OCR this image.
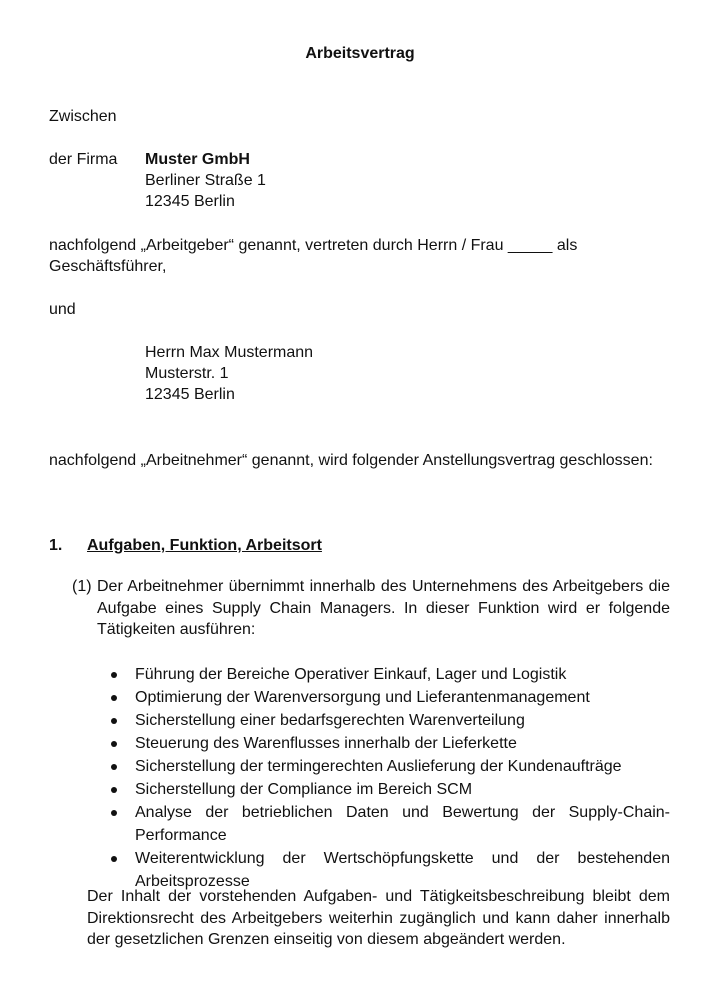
Arbeitsvertrag
Zwischen
der Firma Muster GmbH
Berliner Straße 1
12345 Berlin
nachfolgend „Arbeitgeber“ genannt, vertreten durch Herrn / Frau _____ als
Geschäftsführer,
und
Herrn Max Mustermann
Musterstr. 1
12345 Berlin
nachfolgend „Arbeitnehmer“ genannt, wird folgender Anstellungsvertrag geschlossen:
1. Aufgaben, Funktion, Arbeitsort
(1) Der Arbeitnehmer übernimmt innerhalb des Unternehmens des Arbeitgebers die Aufgabe eines Supply Chain Managers. In dieser Funktion wird er folgende Tätigkeiten ausführen:
Führung der Bereiche Operativer Einkauf, Lager und Logistik
Optimierung der Warenversorgung und Lieferantenmanagement
Sicherstellung einer bedarfsgerechten Warenverteilung
Steuerung des Warenflusses innerhalb der Lieferkette
Sicherstellung der termingerechten Auslieferung der Kundenaufträge
Sicherstellung der Compliance im Bereich SCM
Analyse der betrieblichen Daten und Bewertung der Supply-Chain-Performance
Weiterentwicklung der Wertschöpfungskette und der bestehenden Arbeitsprozesse
Der Inhalt der vorstehenden Aufgaben- und Tätigkeitsbeschreibung bleibt dem Direktionsrecht des Arbeitgebers weiterhin zugänglich und kann daher innerhalb der gesetzlichen Grenzen einseitig von diesem abgeändert werden.
